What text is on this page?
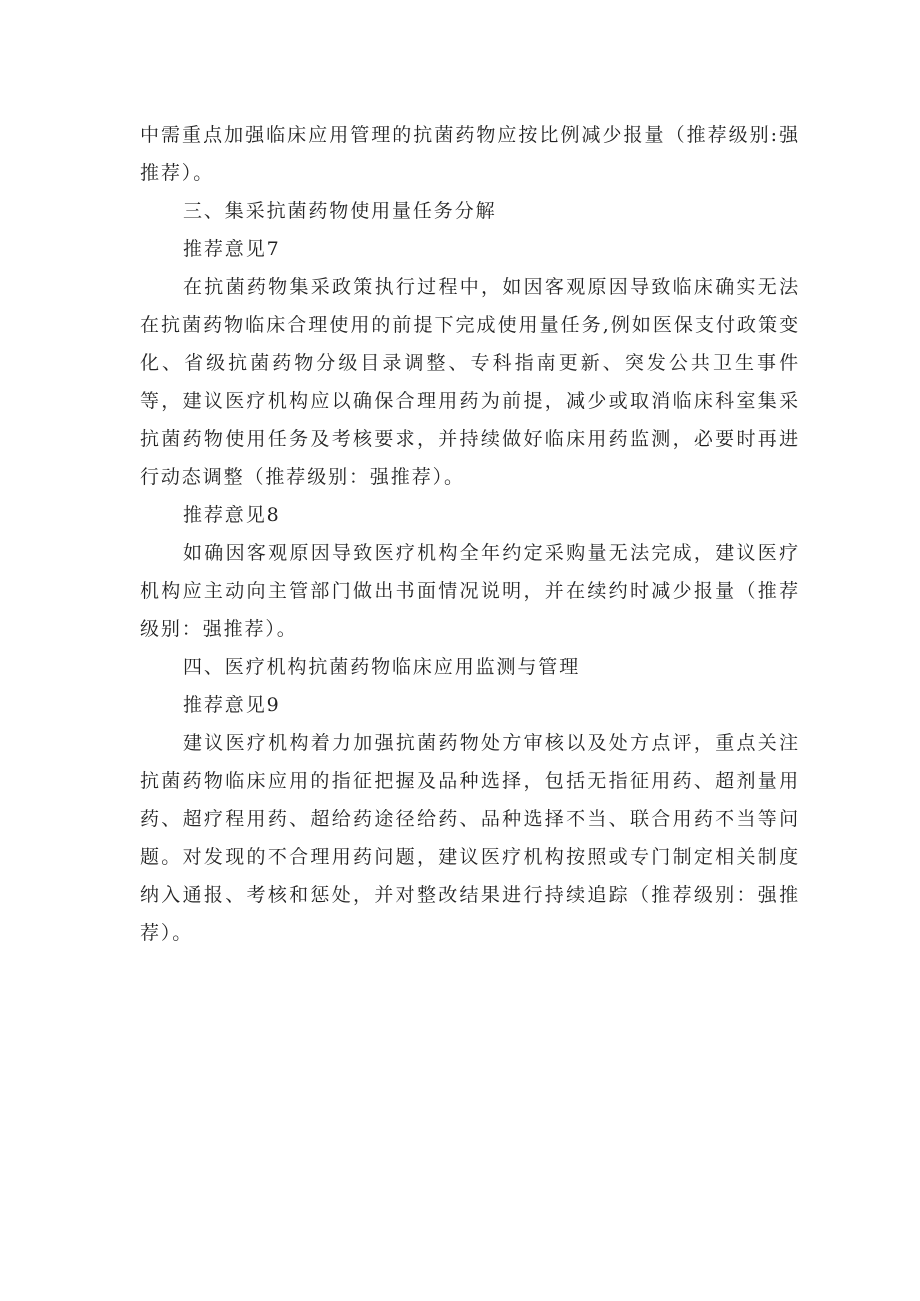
中需重点加强临床应用管理的抗菌药物应按比例减少报量（推荐级别:强推荐）。

三、集采抗菌药物使用量任务分解

推荐意见7

在抗菌药物集采政策执行过程中，如因客观原因导致临床确实无法在抗菌药物临床合理使用的前提下完成使用量任务,例如医保支付政策变化、省级抗菌药物分级目录调整、专科指南更新、突发公共卫生事件等，建议医疗机构应以确保合理用药为前提，减少或取消临床科室集采抗菌药物使用任务及考核要求，并持续做好临床用药监测，必要时再进行动态调整（推荐级别：强推荐）。

推荐意见8

如确因客观原因导致医疗机构全年约定采购量无法完成，建议医疗机构应主动向主管部门做出书面情况说明，并在续约时减少报量（推荐级别：强推荐）。

四、医疗机构抗菌药物临床应用监测与管理

推荐意见9

建议医疗机构着力加强抗菌药物处方审核以及处方点评，重点关注抗菌药物临床应用的指征把握及品种选择，包括无指征用药、超剂量用药、超疗程用药、超给药途径给药、品种选择不当、联合用药不当等问题。对发现的不合理用药问题，建议医疗机构按照或专门制定相关制度纳入通报、考核和惩处，并对整改结果进行持续追踪（推荐级别：强推荐）。
